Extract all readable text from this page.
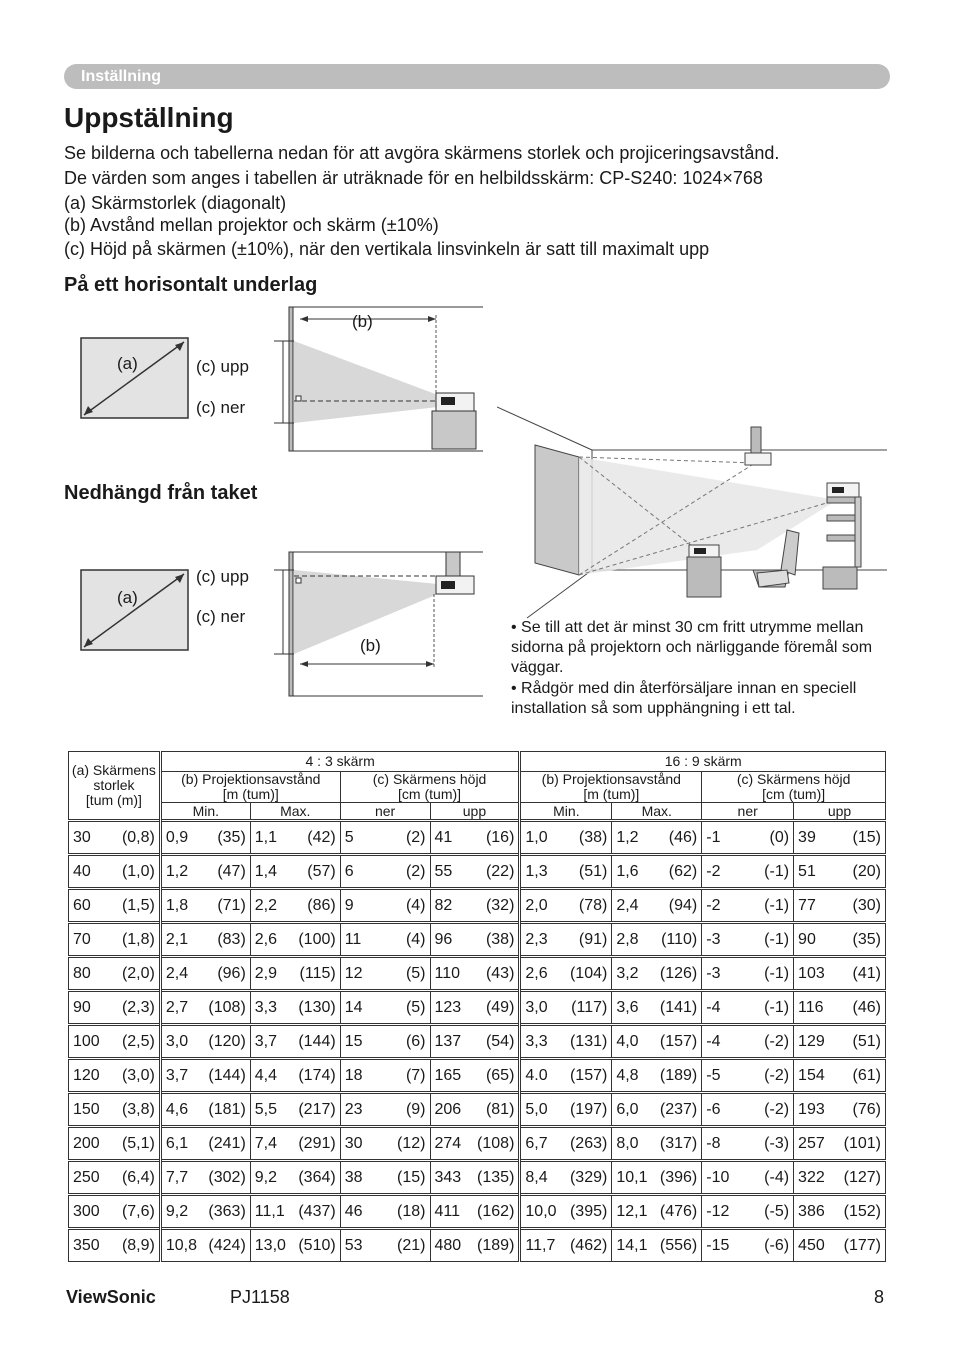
Inställning
Uppställning
Se bilderna och tabellerna nedan för att avgöra skärmens storlek och projiceringsavstånd.
De värden som anges i tabellen är uträknade för en helbildsskärm: CP-S240: 1024×768
(a) Skärmstorlek (diagonalt)
(b) Avstånd mellan projektor och skärm (±10%)
(c) Höjd på skärmen (±10%), när den vertikala linsvinkeln är satt till maximalt upp
På ett horisontalt underlag
(a)
(b)
(c) upp
(c) ner
Nedhängd från taket
(a)
(b)
(c) upp
(c) ner
• Se till att det är minst 30 cm fritt utrymme mellan sidorna på projektorn och närliggande föremål som väggar.
• Rådgör med din återförsäljare innan en speciell installation så som upphängning i ett tal.
(a) Skärmens
storlek
[tum (m)]	4 : 3 skärm				16 : 9 skärm			
	(b) Projektionsavstånd
[m (tum)]		(c) Skärmens höjd
[cm (tum)]		(b) Projektionsavstånd
[m (tum)]		(c) Skärmens höjd
[cm (tum)]	
	Min.	Max.	ner	upp	Min.	Max.	ner	upp

30 (0,8)	0,9 (35)	1,1 (42)	5 (2)	41 (16)	1,0 (38)	1,2 (46)	-1 (0)	39 (15)

40 (1,0)	1,2 (47)	1,4 (57)	6 (2)	55 (22)	1,3 (51)	1,6 (62)	-2 (-1)	51 (20)

60 (1,5)	1,8 (71)	2,2 (86)	9 (4)	82 (32)	2,0 (78)	2,4 (94)	-2 (-1)	77 (30)

70 (1,8)	2,1 (83)	2,6 (100)	11 (4)	96 (38)	2,3 (91)	2,8 (110)	-3 (-1)	90 (35)

80 (2,0)	2,4 (96)	2,9 (115)	12 (5)	110 (43)	2,6 (104)	3,2 (126)	-3 (-1)	103 (41)

90 (2,3)	2,7 (108)	3,3 (130)	14 (5)	123 (49)	3,0 (117)	3,6 (141)	-4 (-1)	116 (46)

100 (2,5)	3,0 (120)	3,7 (144)	15 (6)	137 (54)	3,3 (131)	4,0 (157)	-4 (-2)	129 (51)

120 (3,0)	3,7 (144)	4,4 (174)	18 (7)	165 (65)	4.0 (157)	4,8 (189)	-5 (-2)	154 (61)

150 (3,8)	4,6 (181)	5,5 (217)	23 (9)	206 (81)	5,0 (197)	6,0 (237)	-6 (-2)	193 (76)

200 (5,1)	6,1 (241)	7,4 (291)	30 (12)	274 (108)	6,7 (263)	8,0 (317)	-8 (-3)	257 (101)

250 (6,4)	7,7 (302)	9,2 (364)	38 (15)	343 (135)	8,4 (329)	10,1 (396)	-10 (-4)	322 (127)

300 (7,6)	9,2 (363)	11,1 (437)	46 (18)	411 (162)	10,0 (395)	12,1 (476)	-12 (-5)	386 (152)

350 (8,9)	10,8 (424)	13,0 (510)	53 (21)	480 (189)	11,7 (462)	14,1 (556)	-15 (-6)	450 (177)
ViewSonic	PJ1158	8
